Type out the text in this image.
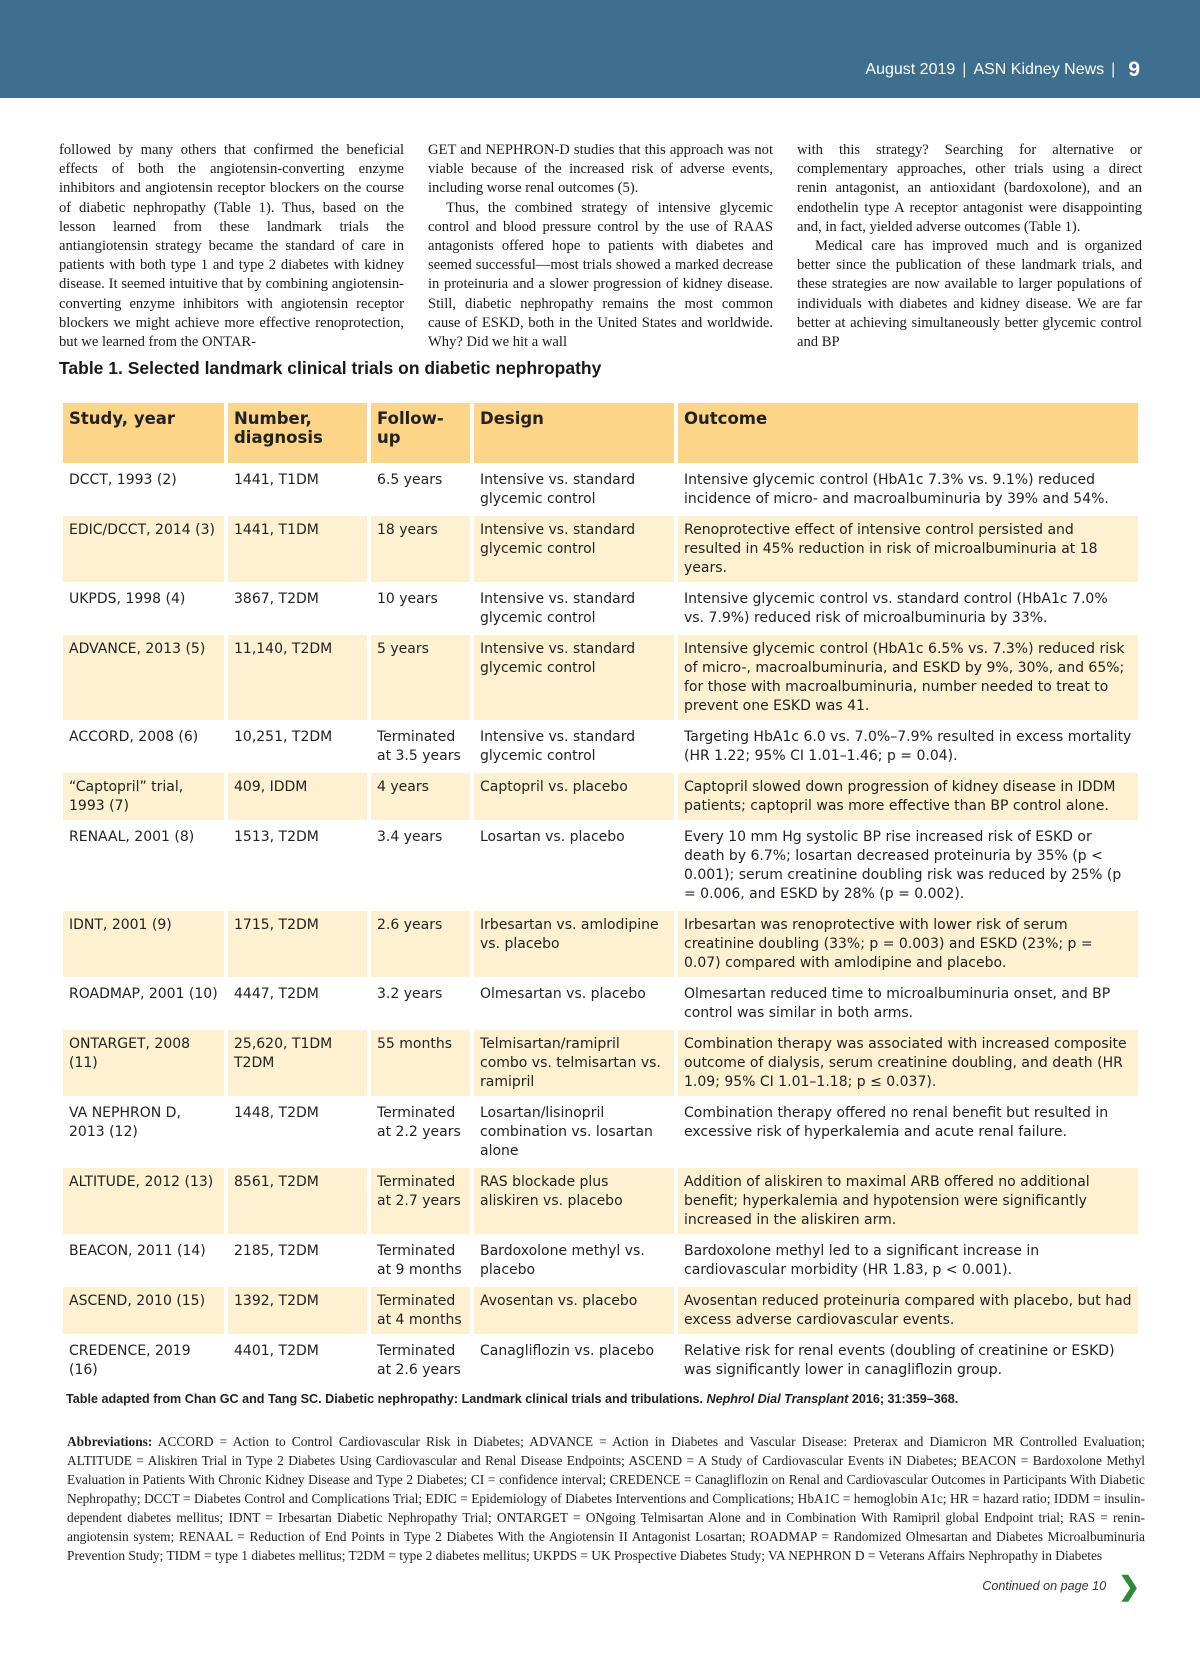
August 2019 | ASN Kidney News | 9

followed by many others that confirmed the beneficial effects of both the angiotensin-converting enzyme inhibitors and angiotensin receptor blockers on the course of diabetic nephropathy (Table 1). Thus, based on the lesson learned from these landmark trials the antiangiotensin strategy became the standard of care in patients with both type 1 and type 2 diabetes with kidney disease. It seemed intuitive that by combining angiotensin-converting enzyme inhibitors with angiotensin receptor blockers we might achieve more effective renoprotection, but we learned from the ONTAR-

GET and NEPHRON-D studies that this approach was not viable because of the increased risk of adverse events, including worse renal outcomes (5).

Thus, the combined strategy of intensive glycemic control and blood pressure control by the use of RAAS antagonists offered hope to patients with diabetes and seemed successful—most trials showed a marked decrease in proteinuria and a slower progression of kidney disease. Still, diabetic nephropathy remains the most common cause of ESKD, both in the United States and worldwide. Why? Did we hit a wall

with this strategy? Searching for alternative or complementary approaches, other trials using a direct renin antagonist, an antioxidant (bardoxolone), and an endothelin type A receptor antagonist were disappointing and, in fact, yielded adverse outcomes (Table 1).

Medical care has improved much and is organized better since the publication of these landmark trials, and these strategies are now available to larger populations of individuals with diabetes and kidney disease. We are far better at achieving simultaneously better glycemic control and BP

Table 1. Selected landmark clinical trials on diabetic nephropathy
Study, year	Number, diagnosis	Follow-up	Design	Outcome
DCCT, 1993 (2)	1441, T1DM	6.5 years	Intensive vs. standard glycemic control	Intensive glycemic control (HbA1c 7.3% vs. 9.1%) reduced incidence of micro- and macroalbuminuria by 39% and 54%.
EDIC/DCCT, 2014 (3)	1441, T1DM	18 years	Intensive vs. standard glycemic control	Renoprotective effect of intensive control persisted and resulted in 45% reduction in risk of microalbuminuria at 18 years.
UKPDS, 1998 (4)	3867, T2DM	10 years	Intensive vs. standard glycemic control	Intensive glycemic control vs. standard control (HbA1c 7.0% vs. 7.9%) reduced risk of microalbuminuria by 33%.
ADVANCE, 2013 (5)	11,140, T2DM	5 years	Intensive vs. standard glycemic control	Intensive glycemic control (HbA1c 6.5% vs. 7.3%) reduced risk of micro-, macroalbuminuria, and ESKD by 9%, 30%, and 65%; for those with macroalbuminuria, number needed to treat to prevent one ESKD was 41.
ACCORD, 2008 (6)	10,251, T2DM	Terminated at 3.5 years	Intensive vs. standard glycemic control	Targeting HbA1c 6.0 vs. 7.0%–7.9% resulted in excess mortality (HR 1.22; 95% CI 1.01–1.46; p = 0.04).
“Captopril” trial, 1993 (7)	409, IDDM	4 years	Captopril vs. placebo	Captopril slowed down progression of kidney disease in IDDM patients; captopril was more effective than BP control alone.
RENAAL, 2001 (8)	1513, T2DM	3.4 years	Losartan vs. placebo	Every 10 mm Hg systolic BP rise increased risk of ESKD or death by 6.7%; losartan decreased proteinuria by 35% (p < 0.001); serum creatinine doubling risk was reduced by 25% (p = 0.006, and ESKD by 28% (p = 0.002).
IDNT, 2001 (9)	1715, T2DM	2.6 years	Irbesartan vs. amlodipine vs. placebo	Irbesartan was renoprotective with lower risk of serum creatinine doubling (33%; p = 0.003) and ESKD (23%; p = 0.07) compared with amlodipine and placebo.
ROADMAP, 2001 (10)	4447, T2DM	3.2 years	Olmesartan vs. placebo	Olmesartan reduced time to microalbuminuria onset, and BP control was similar in both arms.
ONTARGET, 2008 (11)	25,620, T1DM T2DM	55 months	Telmisartan/ramipril combo vs. telmisartan vs. ramipril	Combination therapy was associated with increased composite outcome of dialysis, serum creatinine doubling, and death (HR 1.09; 95% CI 1.01–1.18; p ≤ 0.037).
VA NEPHRON D, 2013 (12)	1448, T2DM	Terminated at 2.2 years	Losartan/lisinopril combination vs. losartan alone	Combination therapy offered no renal benefit but resulted in excessive risk of hyperkalemia and acute renal failure.
ALTITUDE, 2012 (13)	8561, T2DM	Terminated at 2.7 years	RAS blockade plus aliskiren vs. placebo	Addition of aliskiren to maximal ARB offered no additional benefit; hyperkalemia and hypotension were significantly increased in the aliskiren arm.
BEACON, 2011 (14)	2185, T2DM	Terminated at 9 months	Bardoxolone methyl vs. placebo	Bardoxolone methyl led to a significant increase in cardiovascular morbidity (HR 1.83, p < 0.001).
ASCEND, 2010 (15)	1392, T2DM	Terminated at 4 months	Avosentan vs. placebo	Avosentan reduced proteinuria compared with placebo, but had excess adverse cardiovascular events.
CREDENCE, 2019 (16)	4401, T2DM	Terminated at 2.6 years	Canagliflozin vs. placebo	Relative risk for renal events (doubling of creatinine or ESKD) was significantly lower in canagliflozin group.
Table adapted from Chan GC and Tang SC. Diabetic nephropathy: Landmark clinical trials and tribulations. Nephrol Dial Transplant 2016; 31:359–368.
Abbreviations: ACCORD = Action to Control Cardiovascular Risk in Diabetes; ADVANCE = Action in Diabetes and Vascular Disease: Preterax and Diamicron MR Controlled Evaluation; ALTITUDE = Aliskiren Trial in Type 2 Diabetes Using Cardiovascular and Renal Disease Endpoints; ASCEND = A Study of Cardiovascular Events iN Diabetes; BEACON = Bardoxolone Methyl Evaluation in Patients With Chronic Kidney Disease and Type 2 Diabetes; CI = confidence interval; CREDENCE = Canagliflozin on Renal and Cardiovascular Outcomes in Participants With Diabetic Nephropathy; DCCT = Diabetes Control and Complications Trial; EDIC = Epidemiology of Diabetes Interventions and Complications; HbA1C = hemoglobin A1c; HR = hazard ratio; IDDM = insulin-dependent diabetes mellitus; IDNT = Irbesartan Diabetic Nephropathy Trial; ONTARGET = ONgoing Telmisartan Alone and in Combination With Ramipril global Endpoint trial; RAS = renin-angiotensin system; RENAAL = Reduction of End Points in Type 2 Diabetes With the Angiotensin II Antagonist Losartan; ROADMAP = Randomized Olmesartan and Diabetes Microalbuminuria Prevention Study; TIDM = type 1 diabetes mellitus; T2DM = type 2 diabetes mellitus; UKPDS = UK Prospective Diabetes Study; VA NEPHRON D = Veterans Affairs Nephropathy in Diabetes
Continued on page 10 ❯
